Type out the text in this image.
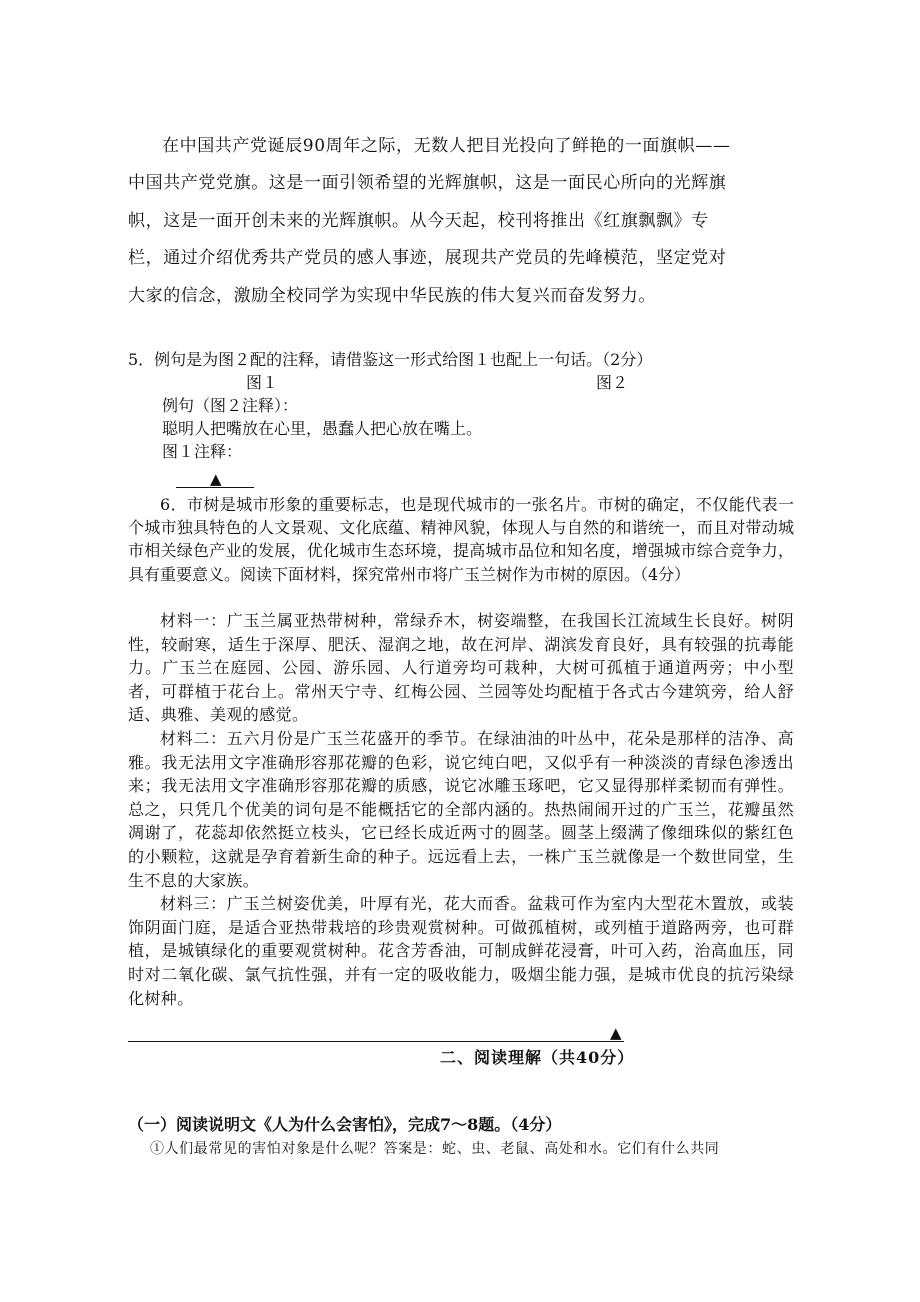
在中国共产党诞辰90周年之际，无数人把目光投向了鲜艳的一面旗帜——

中国共产党党旗。这是一面引领希望的光辉旗帜，这是一面民心所向的光辉旗
帜，这是一面开创未来的光辉旗帜。从今天起，校刊将推出《红旗飘飘》专
栏，通过介绍优秀共产党员的感人事迹，展现共产党员的先峰模范，坚定党对
大家的信念，激励全校同学为实现中华民族的伟大复兴而奋发努力。
5．例句是为图２配的注释，请借鉴这一形式给图１也配上一句话。（2分）
图１	图２
例句（图２注释）：
聪明人把嘴放在心里，愚蠢人把心放在嘴上。
图１注释：
▲

6．市树是城市形象的重要标志，也是现代城市的一张名片。市树的确定，不仅能代表一个城市独具特色的人文景观、文化底蕴、精神风貌，体现人与自然的和谐统一，而且对带动城市相关绿色产业的发展，优化城市生态环境，提高城市品位和知名度，增强城市综合竞争力，具有重要意义。阅读下面材料，探究常州市将广玉兰树作为市树的原因。（4分）

材料一：广玉兰属亚热带树种，常绿乔木，树姿端整，在我国长江流域生长良好。树阴性，较耐寒，适生于深厚、肥沃、湿润之地，故在河岸、湖滨发育良好，具有较强的抗毒能力。广玉兰在庭园、公园、游乐园、人行道旁均可栽种，大树可孤植于通道两旁；中小型者，可群植于花台上。常州天宁寺、红梅公园、兰园等处均配植于各式古今建筑旁，给人舒适、典雅、美观的感觉。

材料二：五六月份是广玉兰花盛开的季节。在绿油油的叶丛中，花朵是那样的洁净、高雅。我无法用文字准确形容那花瓣的色彩，说它纯白吧，又似乎有一种淡淡的青绿色渗透出来；我无法用文字准确形容那花瓣的质感，说它冰雕玉琢吧，它又显得那样柔韧而有弹性。总之，只凭几个优美的词句是不能概括它的全部内涵的。热热闹闹开过的广玉兰，花瓣虽然凋谢了，花蕊却依然挺立枝头，它已经长成近两寸的圆茎。圆茎上缀满了像细珠似的紫红色的小颗粒，这就是孕育着新生命的种子。远远看上去，一株广玉兰就像是一个数世同堂，生生不息的大家族。

材料三：广玉兰树姿优美，叶厚有光，花大而香。盆栽可作为室内大型花木置放，或装饰阴面门庭，是适合亚热带栽培的珍贵观赏树种。可做孤植树，或列植于道路两旁，也可群植，是城镇绿化的重要观赏树种。花含芳香油，可制成鲜花浸膏，叶可入药，治高血压，同时对二氧化碳、氯气抗性强，并有一定的吸收能力，吸烟尘能力强，是城市优良的抗污染绿化树种。

▲
二、阅读理解（共40分）
（一）阅读说明文《人为什么会害怕》，完成7～8题。（4分）
①人们最常见的害怕对象是什么呢？答案是：蛇、虫、老鼠、高处和水。它们有什么共同
